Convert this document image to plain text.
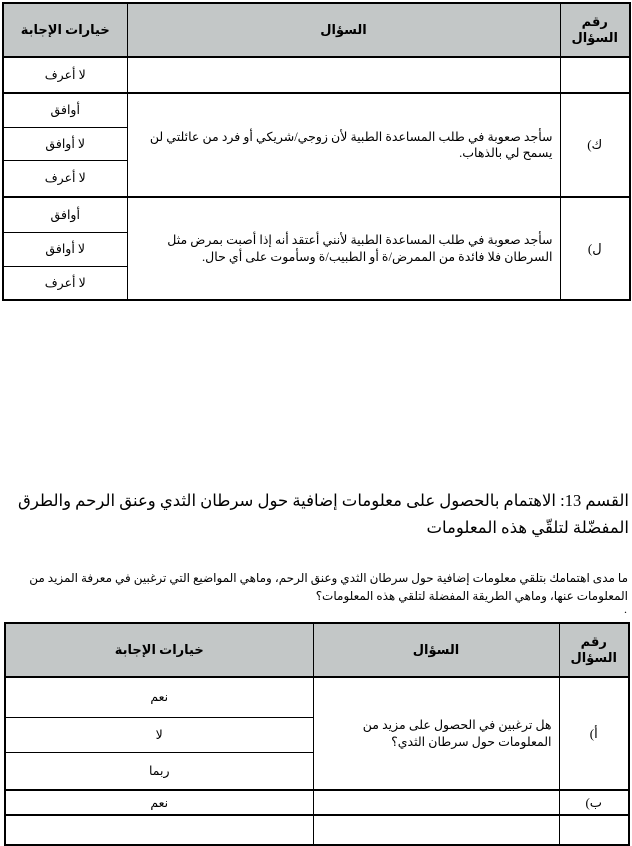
رقم السؤال	السؤال	خيارات الإجابة
		لا أعرف
ك)	سأجد صعوبة في طلب المساعدة الطبية لأن زوجي/شريكي أو فرد من عائلتي لن يسمح لي بالذهاب.	أوافق
		لا أوافق
		لا أعرف
ل)	سأجد صعوبة في طلب المساعدة الطبية لأنني أعتقد أنه إذا أصبت بمرض مثل السرطان فلا فائدة من الممرض/ة أو الطبيب/ة وسأموت على أي حال.	أوافق
		لا أوافق
		لا أعرف
القسم 13: الاهتمام بالحصول على معلومات إضافية حول سرطان الثدي وعنق الرحم والطرق
المفضّلة لتلقّي هذه المعلومات
ما مدى اهتمامك بتلقي معلومات إضافية حول سرطان الثدي وعنق الرحم، وماهي المواضيع التي ترغبين في معرفة المزيد من
المعلومات عنها، وماهي الطريقة المفضلة لتلقي هذه المعلومات؟
.
رقم السؤال	السؤال	خيارات الإجابة
أ)	هل ترغبين في الحصول على مزيد من المعلومات حول سرطان الثدي؟	نعم
		لا
		ربما
ب)		نعم
